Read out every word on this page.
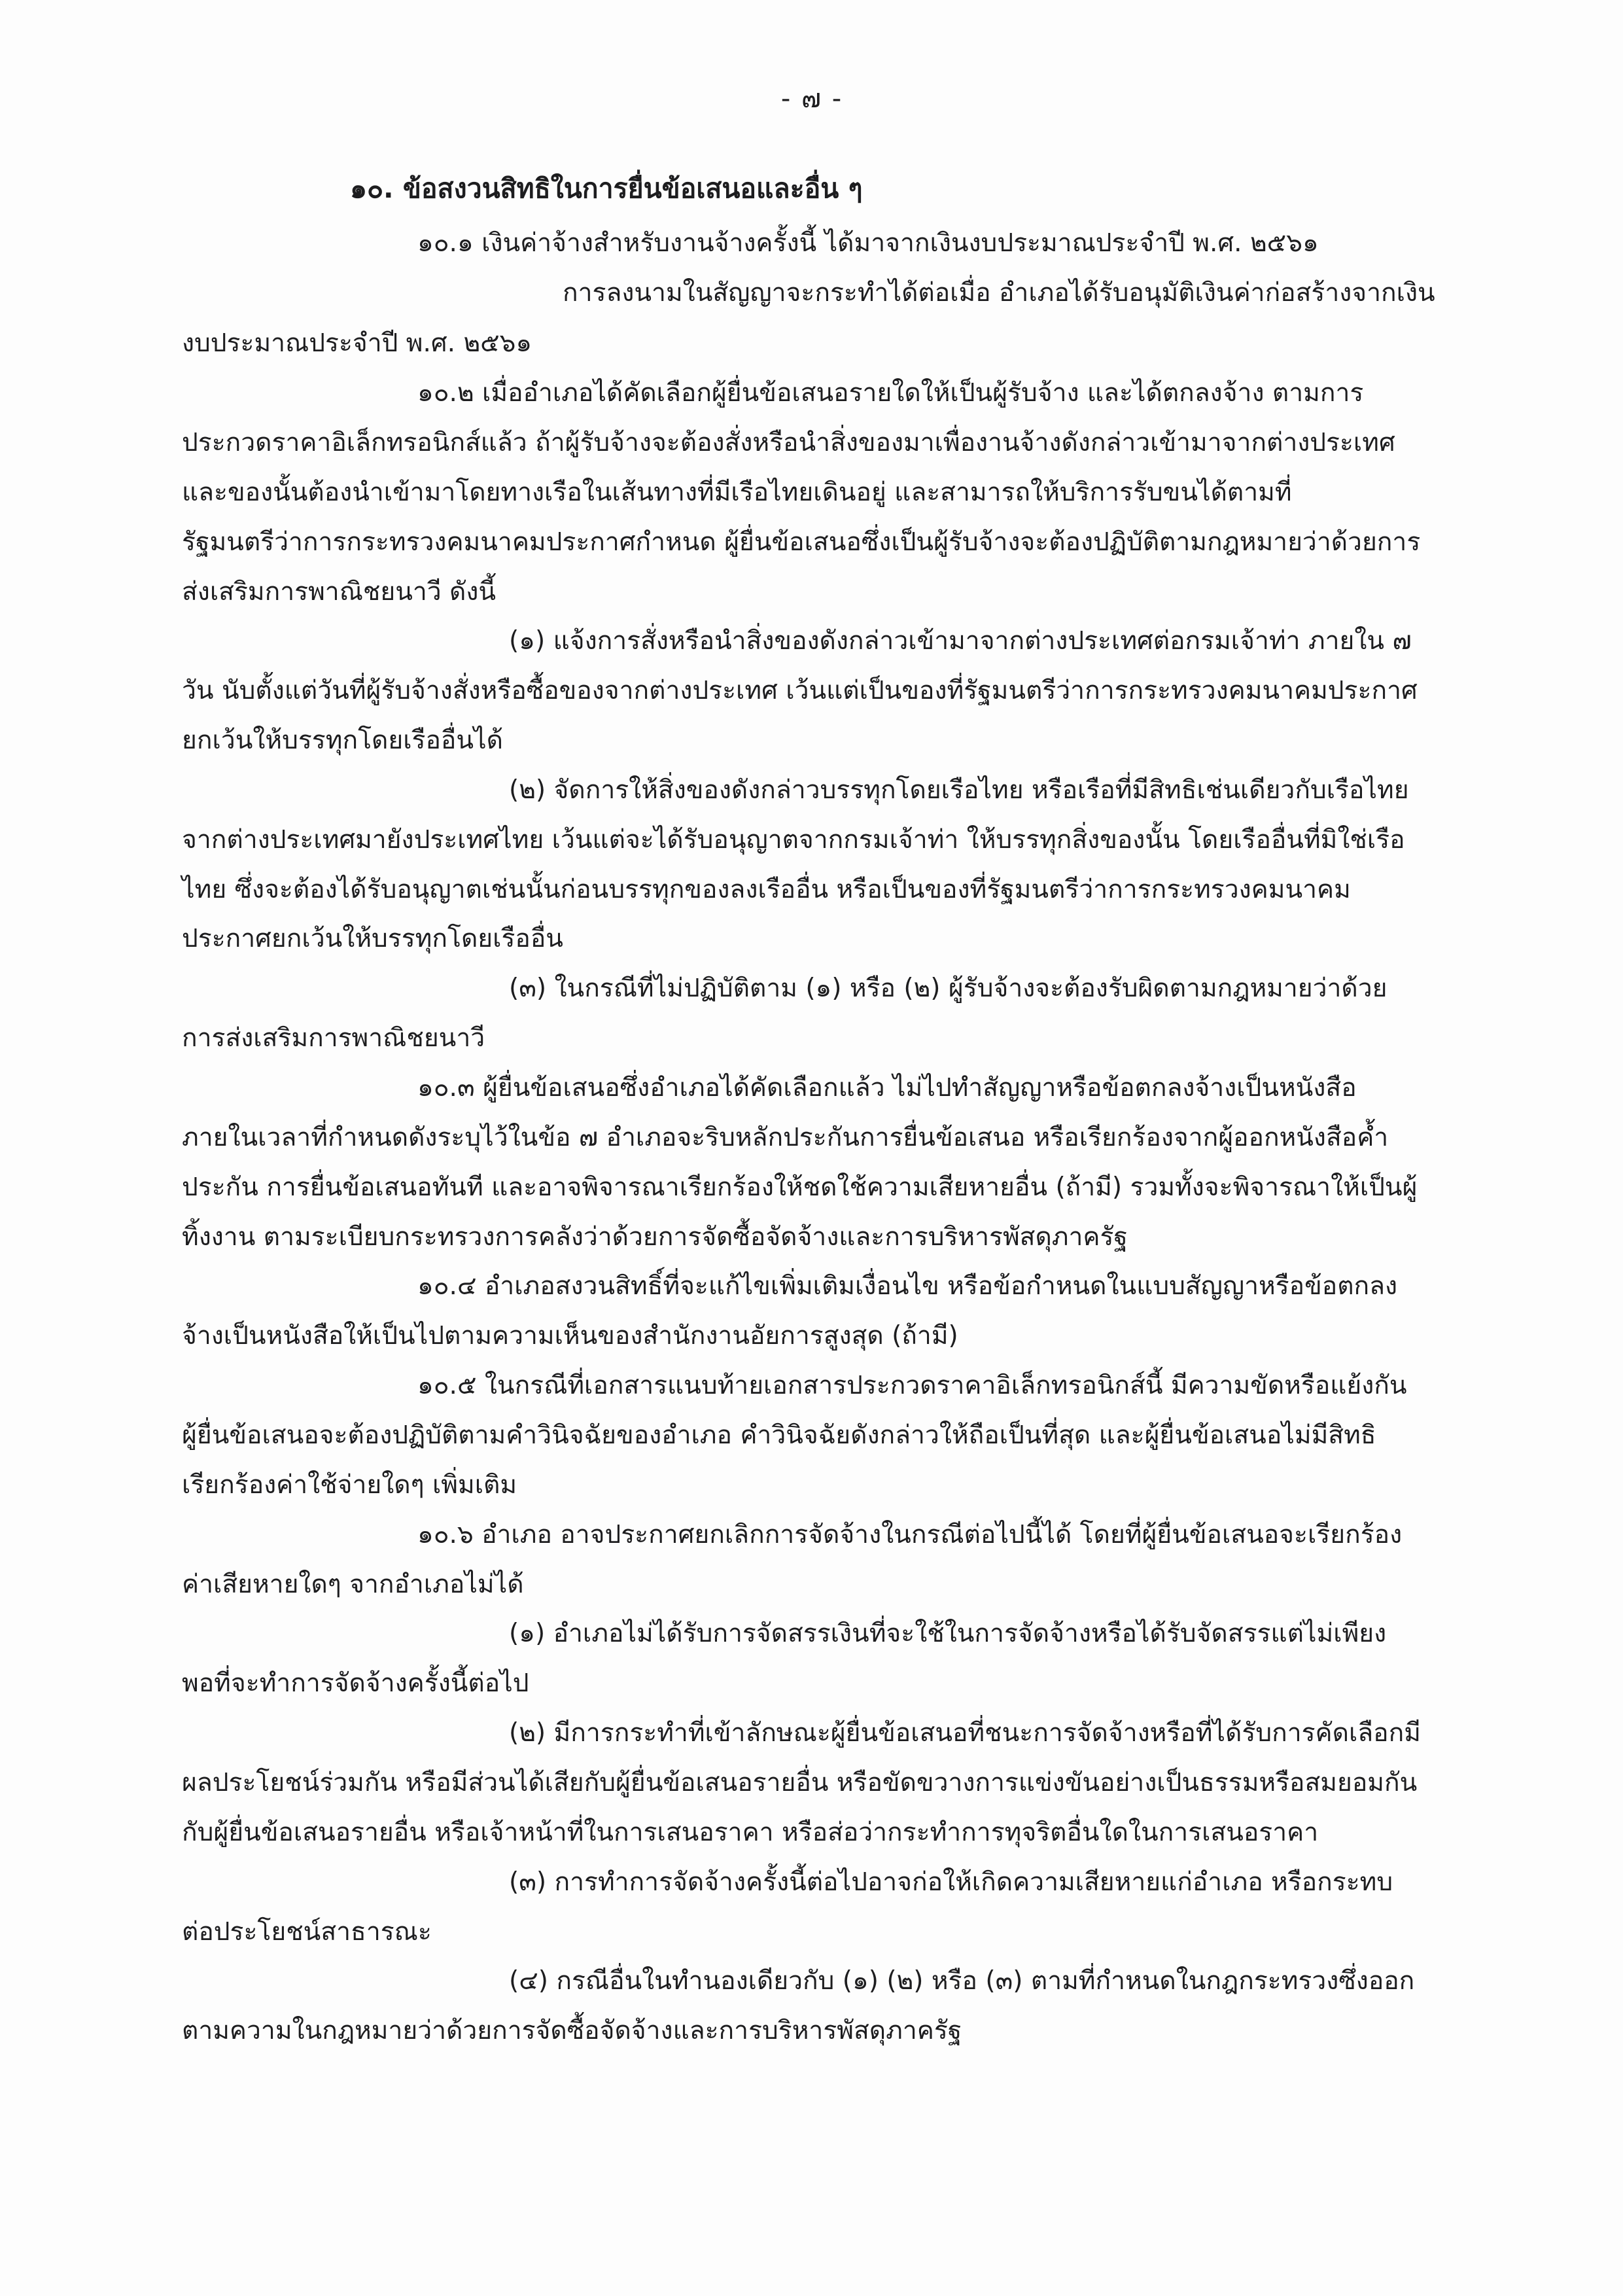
- ๗ -
๑๐. ข้อสงวนสิทธิในการยื่นข้อเสนอและอื่น ๆ
๑๐.๑ เงินค่าจ้างสำหรับงานจ้างครั้งนี้ ได้มาจากเงินงบประมาณประจำปี พ.ศ. ๒๕๖๑
การลงนามในสัญญาจะกระทำได้ต่อเมื่อ อำเภอได้รับอนุมัติเงินค่าก่อสร้างจากเงิน
งบประมาณประจำปี พ.ศ. ๒๕๖๑
๑๐.๒ เมื่ออำเภอได้คัดเลือกผู้ยื่นข้อเสนอรายใดให้เป็นผู้รับจ้าง และได้ตกลงจ้าง ตามการ
ประกวดราคาอิเล็กทรอนิกส์แล้ว ถ้าผู้รับจ้างจะต้องสั่งหรือนำสิ่งของมาเพื่องานจ้างดังกล่าวเข้ามาจากต่างประเทศ
และของนั้นต้องนำเข้ามาโดยทางเรือในเส้นทางที่มีเรือไทยเดินอยู่ และสามารถให้บริการรับขนได้ตามที่
รัฐมนตรีว่าการกระทรวงคมนาคมประกาศกำหนด ผู้ยื่นข้อเสนอซึ่งเป็นผู้รับจ้างจะต้องปฏิบัติตามกฎหมายว่าด้วยการ
ส่งเสริมการพาณิชยนาวี ดังนี้
(๑) แจ้งการสั่งหรือนำสิ่งของดังกล่าวเข้ามาจากต่างประเทศต่อกรมเจ้าท่า ภายใน ๗
วัน นับตั้งแต่วันที่ผู้รับจ้างสั่งหรือซื้อของจากต่างประเทศ เว้นแต่เป็นของที่รัฐมนตรีว่าการกระทรวงคมนาคมประกาศ
ยกเว้นให้บรรทุกโดยเรืออื่นได้
(๒) จัดการให้สิ่งของดังกล่าวบรรทุกโดยเรือไทย หรือเรือที่มีสิทธิเช่นเดียวกับเรือไทย
จากต่างประเทศมายังประเทศไทย เว้นแต่จะได้รับอนุญาตจากกรมเจ้าท่า ให้บรรทุกสิ่งของนั้น โดยเรืออื่นที่มิใช่เรือ
ไทย ซึ่งจะต้องได้รับอนุญาตเช่นนั้นก่อนบรรทุกของลงเรืออื่น หรือเป็นของที่รัฐมนตรีว่าการกระทรวงคมนาคม
ประกาศยกเว้นให้บรรทุกโดยเรืออื่น
(๓) ในกรณีที่ไม่ปฏิบัติตาม (๑) หรือ (๒) ผู้รับจ้างจะต้องรับผิดตามกฎหมายว่าด้วย
การส่งเสริมการพาณิชยนาวี
๑๐.๓ ผู้ยื่นข้อเสนอซึ่งอำเภอได้คัดเลือกแล้ว ไม่ไปทำสัญญาหรือข้อตกลงจ้างเป็นหนังสือ
ภายในเวลาที่กำหนดดังระบุไว้ในข้อ ๗ อำเภอจะริบหลักประกันการยื่นข้อเสนอ หรือเรียกร้องจากผู้ออกหนังสือค้ำ
ประกัน การยื่นข้อเสนอทันที และอาจพิจารณาเรียกร้องให้ชดใช้ความเสียหายอื่น (ถ้ามี) รวมทั้งจะพิจารณาให้เป็นผู้
ทิ้งงาน ตามระเบียบกระทรวงการคลังว่าด้วยการจัดซื้อจัดจ้างและการบริหารพัสดุภาครัฐ
๑๐.๔ อำเภอสงวนสิทธิ์ที่จะแก้ไขเพิ่มเติมเงื่อนไข หรือข้อกำหนดในแบบสัญญาหรือข้อตกลง
จ้างเป็นหนังสือให้เป็นไปตามความเห็นของสำนักงานอัยการสูงสุด (ถ้ามี)
๑๐.๕ ในกรณีที่เอกสารแนบท้ายเอกสารประกวดราคาอิเล็กทรอนิกส์นี้ มีความขัดหรือแย้งกัน
ผู้ยื่นข้อเสนอจะต้องปฏิบัติตามคำวินิจฉัยของอำเภอ คำวินิจฉัยดังกล่าวให้ถือเป็นที่สุด และผู้ยื่นข้อเสนอไม่มีสิทธิ
เรียกร้องค่าใช้จ่ายใดๆ เพิ่มเติม
๑๐.๖ อำเภอ อาจประกาศยกเลิกการจัดจ้างในกรณีต่อไปนี้ได้ โดยที่ผู้ยื่นข้อเสนอจะเรียกร้อง
ค่าเสียหายใดๆ จากอำเภอไม่ได้
(๑) อำเภอไม่ได้รับการจัดสรรเงินที่จะใช้ในการจัดจ้างหรือได้รับจัดสรรแต่ไม่เพียง
พอที่จะทำการจัดจ้างครั้งนี้ต่อไป
(๒) มีการกระทำที่เข้าลักษณะผู้ยื่นข้อเสนอที่ชนะการจัดจ้างหรือที่ได้รับการคัดเลือกมี
ผลประโยชน์ร่วมกัน หรือมีส่วนได้เสียกับผู้ยื่นข้อเสนอรายอื่น หรือขัดขวางการแข่งขันอย่างเป็นธรรมหรือสมยอมกัน
กับผู้ยื่นข้อเสนอรายอื่น หรือเจ้าหน้าที่ในการเสนอราคา หรือส่อว่ากระทำการทุจริตอื่นใดในการเสนอราคา
(๓) การทำการจัดจ้างครั้งนี้ต่อไปอาจก่อให้เกิดความเสียหายแก่อำเภอ หรือกระทบ
ต่อประโยชน์สาธารณะ
(๔) กรณีอื่นในทำนองเดียวกับ (๑) (๒) หรือ (๓) ตามที่กำหนดในกฎกระทรวงซึ่งออก
ตามความในกฎหมายว่าด้วยการจัดซื้อจัดจ้างและการบริหารพัสดุภาครัฐ
